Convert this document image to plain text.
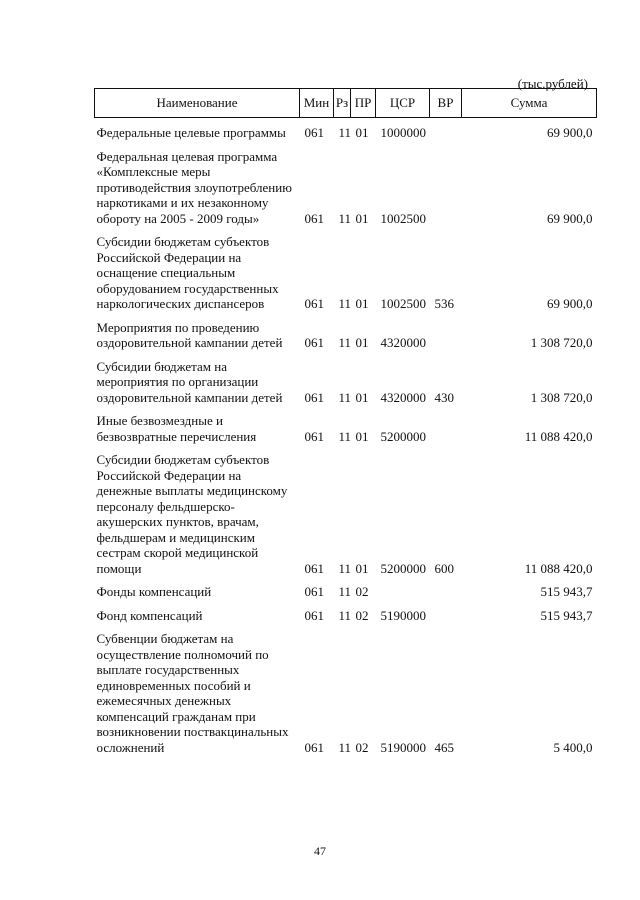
(тыс.рублей)
Наименование	Мин	Рз	ПР	ЦСР	ВР	Сумма
Федеральные целевые программы	061	11	01	1000000		69 900,0
Федеральная целевая программа «Комплексные меры противодействия злоупотреблению наркотиками и их незаконному обороту на 2005 - 2009 годы»	061	11	01	1002500		69 900,0
Субсидии бюджетам субъектов Российской Федерации на оснащение специальным оборудованием государственных наркологических диспансеров	061	11	01	1002500	536	69 900,0
Мероприятия по проведению оздоровительной кампании детей	061	11	01	4320000		1 308 720,0
Субсидии бюджетам на мероприятия по организации оздоровительной кампании детей	061	11	01	4320000	430	1 308 720,0
Иные безвозмездные и безвозвратные перечисления	061	11	01	5200000		11 088 420,0
Субсидии бюджетам субъектов Российской Федерации на денежные выплаты медицинскому персоналу фельдшерско-акушерских пунктов, врачам, фельдшерам и медицинским сестрам скорой медицинской помощи	061	11	01	5200000	600	11 088 420,0
Фонды компенсаций	061	11	02			515 943,7
Фонд компенсаций	061	11	02	5190000		515 943,7
Субвенции бюджетам на осуществление полномочий по выплате государственных единовременных пособий и ежемесячных денежных компенсаций гражданам при возникновении поствакцинальных осложнений	061	11	02	5190000	465	5 400,0
47
